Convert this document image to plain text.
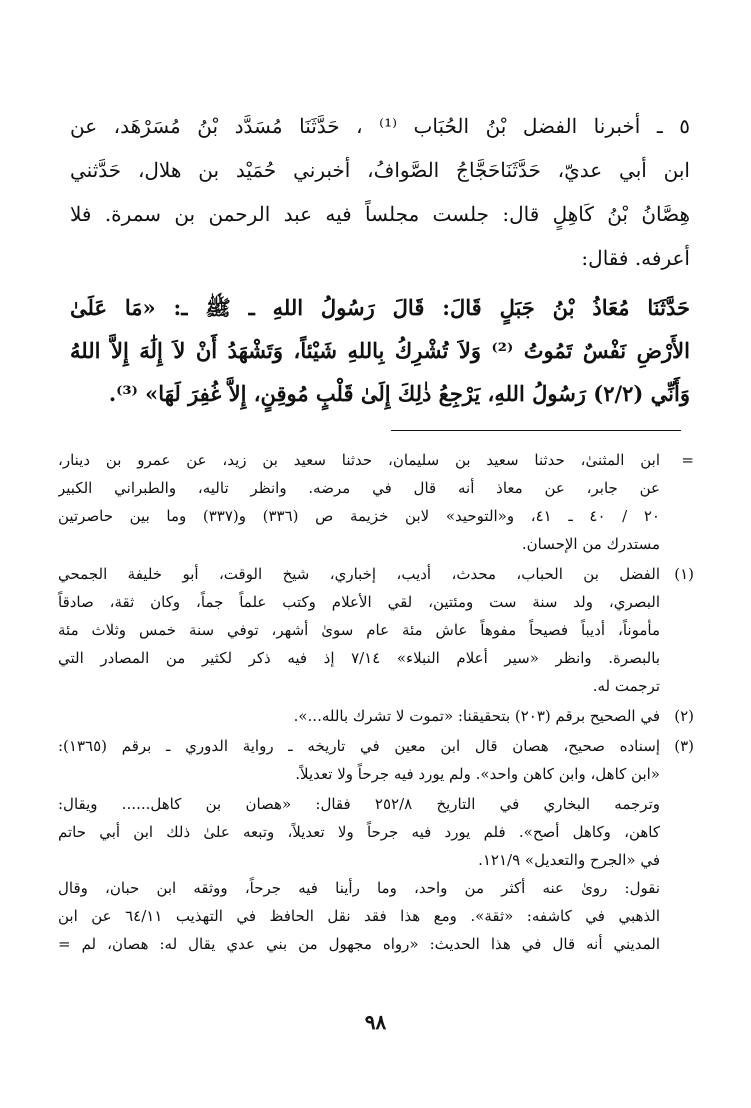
٥ ـ أخبرنا الفضل بْنُ الحُبَاب ⁽¹⁾ ، حَدَّثَنَا مُسَدَّد بْنُ مُسَرْهَد، عن
ابن أبي عديّ، حَدَّثَنَاحَجَّاجُ الصَّوافُ، أخبرني حُمَيْد بن هلال، حَدَّثني
هِصَّانُ بْنُ كَاهِلٍ قال: جلست مجلساً فيه عبد الرحمن بن سمرة. فلا
أعرفه. فقال:
حَدَّثَنَا مُعَاذُ بْنُ جَبَلٍ قَالَ: قَالَ رَسُولُ اللهِ ـ ﷺ ـ: «مَا عَلَىٰ
الأَرْضِ نَفْسٌ تَمُوتُ ⁽²⁾ وَلاَ تُشْرِكُ بِاللهِ شَيْئاً، وَتَشْهَدُ أَنْ لاَ إِلَٰهَ إِلاَّ اللهُ
وَأَنِّي (٢/٢) رَسُولُ اللهِ، يَرْجِعُ ذٰلِكَ إِلَىٰ قَلْبٍ مُوقِنٍ، إِلاَّ غُفِرَ لَهَا» ⁽³⁾.
=
ابن المثنىٰ، حدثنا سعيد بن سليمان، حدثنا سعيد بن زيد، عن عمرو بن دينار،
عن جابر، عن معاذ أنه قال في مرضه. وانظر تاليه، والطبراني الكبير
٢٠ / ٤٠ ـ ٤١، و«التوحيد» لابن خزيمة ص (٣٣٦) و(٣٣٧) وما بين حاصرتين
مستدرك من الإحسان.
(١)
الفضل بن الحباب، محدث، أديب، إخباري، شيخ الوقت، أبو خليفة الجمحي
البصري، ولد سنة ست ومئتين، لقي الأعلام وكتب علماً جماً، وكان ثقة، صادقاً
مأموناً، أديباً فصيحاً مفوهاً عاش مئة عام سوىٰ أشهر، توفي سنة خمس وثلاث مئة
بالبصرة. وانظر «سير أعلام النبلاء» ٧/١٤ إذ فيه ذكر لكثير من المصادر التي
ترجمت له.
(٢)
في الصحيح برقم (٢٠٣) بتحقيقنا: «تموت لا تشرك بالله...».
(٣)
إسناده صحيح، هصان قال ابن معين في تاريخه ـ رواية الدوري ـ برقم (١٣٦٥):
«ابن كاهل، وابن كاهن واحد». ولم يورد فيه جرحاً ولا تعديلاً.
وترجمه البخاري في التاريخ ٢٥٢/٨ فقال: «هصان بن كاهل...... ويقال:
كاهن، وكاهل أصح». فلم يورد فيه جرحاً ولا تعديلاً، وتبعه علىٰ ذلك ابن أبي حاتم
في «الجرح والتعديل» ١٢١/٩.
نقول: روىٰ عنه أكثر من واحد، وما رأينا فيه جرحاً، ووثقه ابن حبان، وقال
الذهبي في كاشفه: «ثقة». ومع هذا فقد نقل الحافظ في التهذيب ٦٤/١١ عن ابن
المديني أنه قال في هذا الحديث: «رواه مجهول من بني عدي يقال له: هصان، لم =
٩٨
